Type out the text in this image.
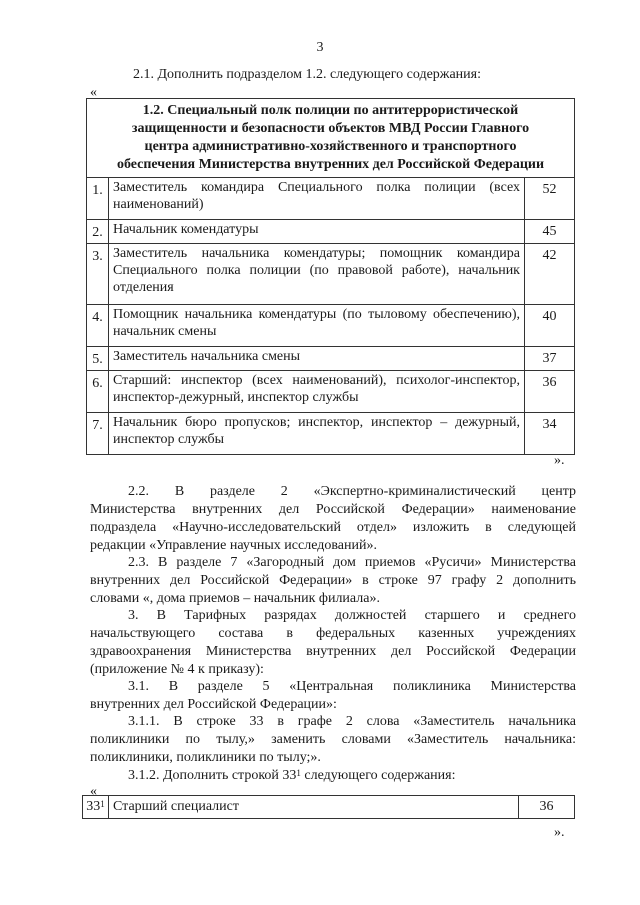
3
2.1. Дополнить подразделом 1.2. следующего содержания:
«
1.2. Специальный полк полиции по антитеррористической
защищенности и безопасности объектов МВД России Главного
центра административно-хозяйственного и транспортного
обеспечения Министерства внутренних дел Российской Федерации		

1.	Заместитель командира Специального полка полиции (всех наименований)	52
2.	Начальник комендатуры	45
3.	Заместитель начальника комендатуры; помощник командира Специального полка полиции (по правовой работе), начальник отделения	42
4.	Помощник начальника комендатуры (по тыловому обеспечению), начальник смены	40
5.	Заместитель начальника смены	37
6.	Старший: инспектор (всех наименований), психолог-инспектор, инспектор-дежурный, инспектор службы	36
7.	Начальник бюро пропусков; инспектор, инспектор – дежурный, инспектор службы	34
».
2.2. В разделе 2 «Экспертно-криминалистический центр
Министерства внутренних дел Российской Федерации» наименование
подраздела «Научно-исследовательский отдел» изложить в следующей
редакции «Управление научных исследований».
2.3. В разделе 7 «Загородный дом приемов «Русичи» Министерства
внутренних дел Российской Федерации» в строке 97 графу 2 дополнить
словами «, дома приемов – начальник филиала».
3. В Тарифных разрядах должностей старшего и среднего
начальствующего состава в федеральных казенных учреждениях
здравоохранения Министерства внутренних дел Российской Федерации
(приложение № 4 к приказу):
3.1. В разделе 5 «Центральная поликлиника Министерства
внутренних дел Российской Федерации»:
3.1.1. В строке 33 в графе 2 слова «Заместитель начальника
поликлиники по тылу,» заменить словами «Заместитель начальника:
поликлиники, поликлиники по тылу;».
3.1.2. Дополнить строкой $33^1$ следующего содержания:
«
$33^1$	Старший специалист	36
».
